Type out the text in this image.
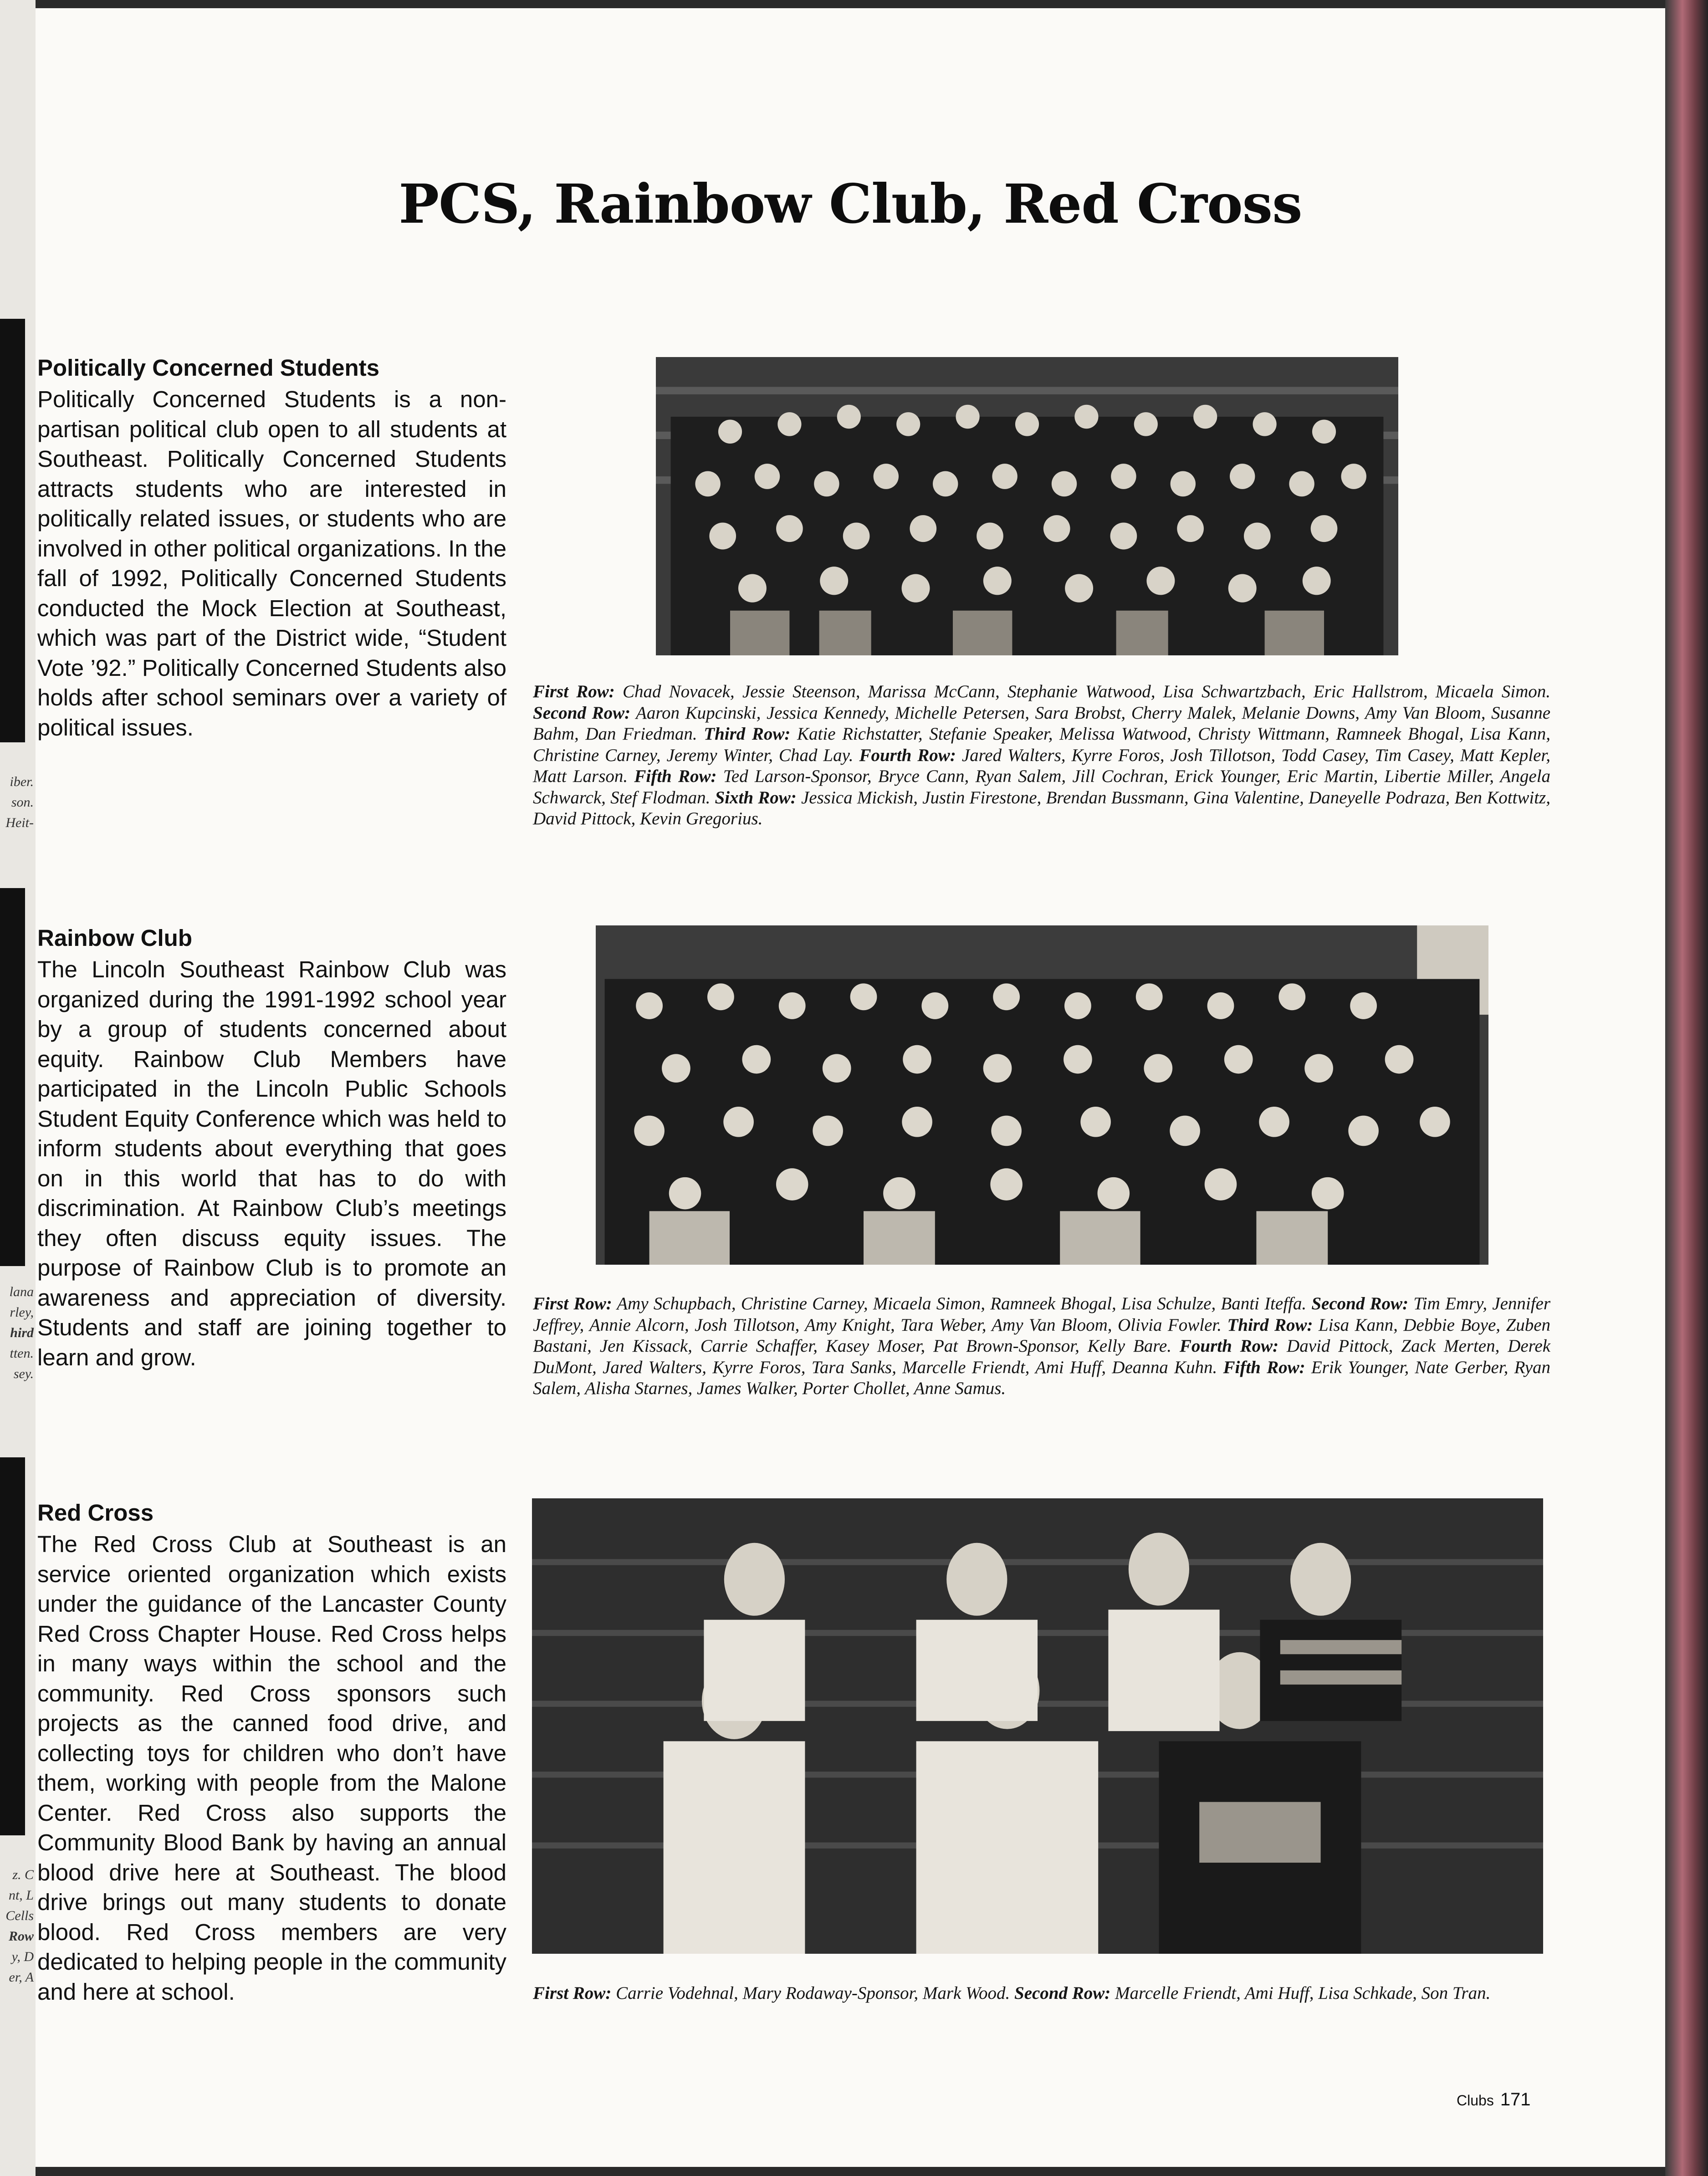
iber.
son.
Heit-
lana
rley,
hird
tten.
sey.
z. C
nt, L
Cells
Row
y, D
er, A
PCS, Rainbow Club, Red Cross

Politically Concerned Students

Politically Concerned Students is a non-partisan political club open to all students at Southeast. Politically Concerned Students attracts students who are interested in politically related issues, or students who are involved in other political organizations. In the fall of 1992, Politically Concerned Students conducted the Mock Election at Southeast, which was part of the District wide, “Student Vote ’92.” Politically Concerned Students also holds after school seminars over a variety of political issues.

First Row: Chad Novacek, Jessie Steenson, Marissa McCann, Stephanie Watwood, Lisa Schwartzbach, Eric Hallstrom, Micaela Simon. Second Row: Aaron Kupcinski, Jessica Kennedy, Michelle Petersen, Sara Brobst, Cherry Malek, Melanie Downs, Amy Van Bloom, Susanne Bahm, Dan Friedman. Third Row: Katie Richstatter, Stefanie Speaker, Melissa Watwood, Christy Wittmann, Ramneek Bhogal, Lisa Kann, Christine Carney, Jeremy Winter, Chad Lay. Fourth Row: Jared Walters, Kyrre Foros, Josh Tillotson, Todd Casey, Tim Casey, Matt Kepler, Matt Larson. Fifth Row: Ted Larson-Sponsor, Bryce Cann, Ryan Salem, Jill Cochran, Erick Younger, Eric Martin, Libertie Miller, Angela Schwarck, Stef Flodman. Sixth Row: Jessica Mickish, Justin Firestone, Brendan Bussmann, Gina Valentine, Daneyelle Podraza, Ben Kottwitz, David Pittock, Kevin Gregorius.

Rainbow Club

The Lincoln Southeast Rainbow Club was organized during the 1991-1992 school year by a group of students concerned about equity. Rainbow Club Members have participated in the Lincoln Public Schools Student Equity Conference which was held to inform students about everything that goes on in this world that has to do with discrimination. At Rainbow Club’s meetings they often discuss equity issues. The purpose of Rainbow Club is to promote an awareness and appreciation of diversity. Students and staff are joining together to learn and grow.

First Row: Amy Schupbach, Christine Carney, Micaela Simon, Ramneek Bhogal, Lisa Schulze, Banti Iteffa. Second Row: Tim Emry, Jennifer Jeffrey, Annie Alcorn, Josh Tillotson, Amy Knight, Tara Weber, Amy Van Bloom, Olivia Fowler. Third Row: Lisa Kann, Debbie Boye, Zuben Bastani, Jen Kissack, Carrie Schaffer, Kasey Moser, Pat Brown-Sponsor, Kelly Bare. Fourth Row: David Pittock, Zack Merten, Derek DuMont, Jared Walters, Kyrre Foros, Tara Sanks, Marcelle Friendt, Ami Huff, Deanna Kuhn. Fifth Row: Erik Younger, Nate Gerber, Ryan Salem, Alisha Starnes, James Walker, Porter Chollet, Anne Samus.

Red Cross

The Red Cross Club at Southeast is an service oriented organization which exists under the guidance of the Lancaster County Red Cross Chapter House. Red Cross helps in many ways within the school and the community. Red Cross sponsors such projects as the canned food drive, and collecting toys for children who don’t have them, working with people from the Malone Center. Red Cross also supports the Community Blood Bank by having an annual blood drive here at Southeast. The blood drive brings out many students to donate blood. Red Cross members are very dedicated to helping people in the community and here at school.	First Row: Carrie Vodehnal, Mary Rodaway-Sponsor, Mark Wood. Second Row: Marcelle Friendt, Ami Huff, Lisa Schkade, Son Tran.
Clubs 171
